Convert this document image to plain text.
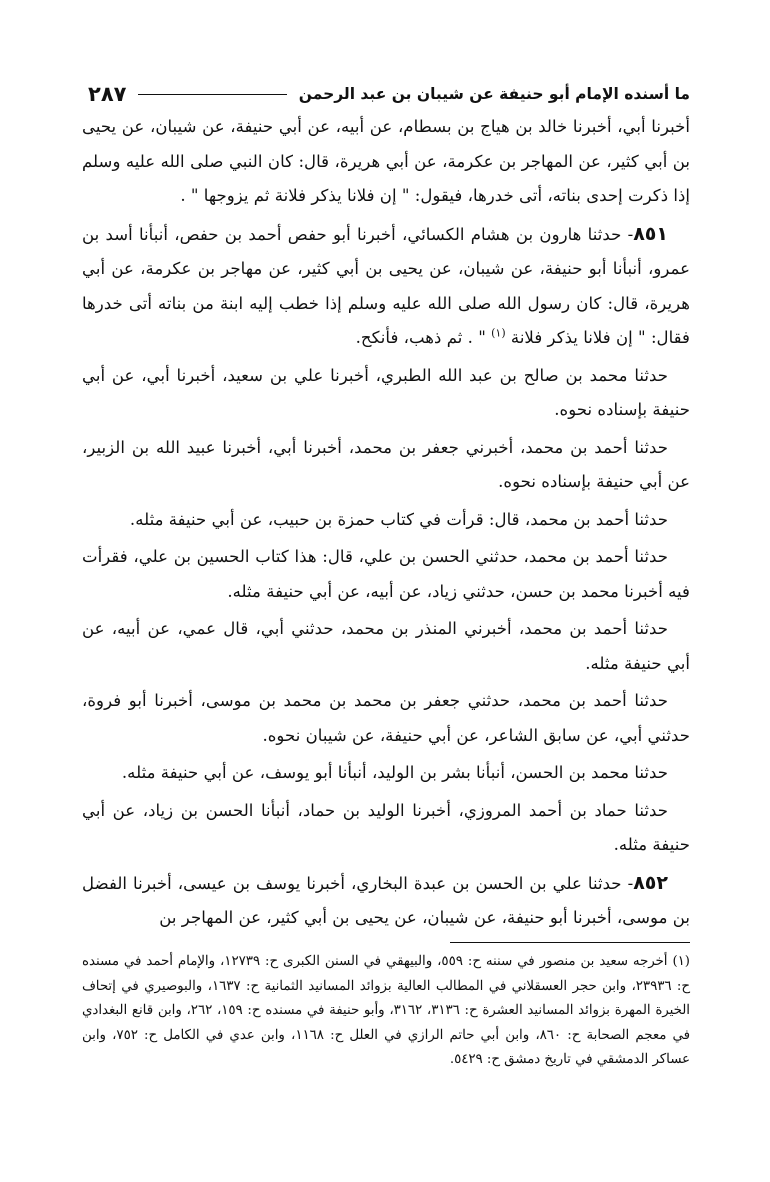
ما أسنده الإمام أبو حنيفة عن شيبان بن عبد الرحمن
٢٨٧

أخبرنا أبي، أخبرنا خالد بن هياج بن بسطام، عن أبيه، عن أبي حنيفة، عن شيبان، عن يحيى بن أبي كثير، عن المهاجر بن عكرمة، عن أبي هريرة، قال: كان النبي صلى الله عليه وسلم إذا ذكرت إحدى بناته، أتى خدرها، فيقول: " إن فلانا يذكر فلانة ثم يزوجها " .

٨٥١- حدثنا هارون بن هشام الكسائي، أخبرنا أبو حفص أحمد بن حفص، أنبأنا أسد بن عمرو، أنبأنا أبو حنيفة، عن شيبان، عن يحيى بن أبي كثير، عن مهاجر بن عكرمة، عن أبي هريرة، قال: كان رسول الله صلى الله عليه وسلم إذا خطب إليه ابنة من بناته أتى خدرها فقال: " إن فلانا يذكر فلانة $^{(١)}$ " . ثم ذهب، فأنكح.

حدثنا محمد بن صالح بن عبد الله الطبري، أخبرنا علي بن سعيد، أخبرنا أبي، عن أبي حنيفة بإسناده نحوه.

حدثنا أحمد بن محمد، أخبرني جعفر بن محمد، أخبرنا أبي، أخبرنا عبيد الله بن الزبير، عن أبي حنيفة بإسناده نحوه.

حدثنا أحمد بن محمد، قال: قرأت في كتاب حمزة بن حبيب، عن أبي حنيفة مثله.

حدثنا أحمد بن محمد، حدثني الحسن بن علي، قال: هذا كتاب الحسين بن علي، فقرأت فيه أخبرنا محمد بن حسن، حدثني زياد، عن أبيه، عن أبي حنيفة مثله.

حدثنا أحمد بن محمد، أخبرني المنذر بن محمد، حدثني أبي، قال عمي، عن أبيه، عن أبي حنيفة مثله.

حدثنا أحمد بن محمد، حدثني جعفر بن محمد بن محمد بن موسى، أخبرنا أبو فروة، حدثني أبي، عن سابق الشاعر، عن أبي حنيفة، عن شيبان نحوه.

حدثنا محمد بن الحسن، أنبأنا بشر بن الوليد، أنبأنا أبو يوسف، عن أبي حنيفة مثله.

حدثنا حماد بن أحمد المروزي، أخبرنا الوليد بن حماد، أنبأنا الحسن بن زياد، عن أبي حنيفة مثله.

٨٥٢- حدثنا علي بن الحسن بن عبدة البخاري، أخبرنا يوسف بن عيسى، أخبرنا الفضل بن موسى، أخبرنا أبو حنيفة، عن شيبان، عن يحيى بن أبي كثير، عن المهاجر بن

(١) أخرجه سعيد بن منصور في سننه ح: ٥٥٩، والبيهقي في السنن الكبرى ح: ١٢٧٣٩، والإمام أحمد في مسنده ح: ٢٣٩٣٦، وابن حجر العسقلاني في المطالب العالية بزوائد المسانيد الثمانية ح: ١٦٣٧، والبوصيري في إتحاف الخيرة المهرة بزوائد المسانيد العشرة ح: ٣١٣٦، ٣١٦٢، وأبو حنيفة في مسنده ح: ١٥٩، ٢٦٢، وابن قانع البغدادي في معجم الصحابة ح: ٨٦٠، وابن أبي حاتم الرازي في العلل ح: ١١٦٨، وابن عدي في الكامل ح: ٧٥٢، وابن عساكر الدمشقي في تاريخ دمشق ح: ٥٤٢٩.
